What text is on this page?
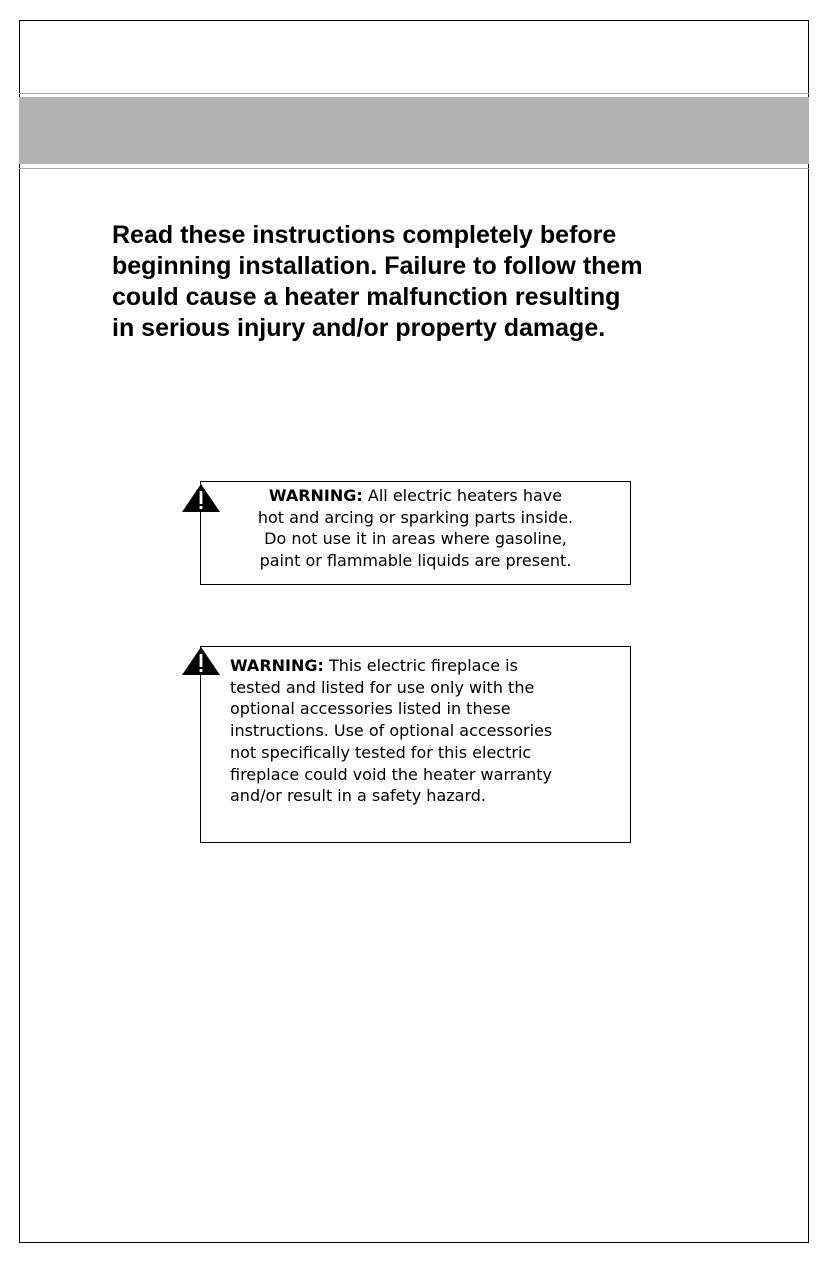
Read these instructions completely before
beginning installation. Failure to follow them
could cause a heater malfunction resulting
in serious injury and/or property damage.

WARNING: All electric heaters have
hot and arcing or sparking parts inside.
Do not use it in areas where gasoline,
paint or flammable liquids are present.
WARNING: This electric fireplace is
tested and listed for use only with the
optional accessories listed in these
instructions. Use of optional accessories
not specifically tested for this electric
fireplace could void the heater warranty
and/or result in a safety hazard.
